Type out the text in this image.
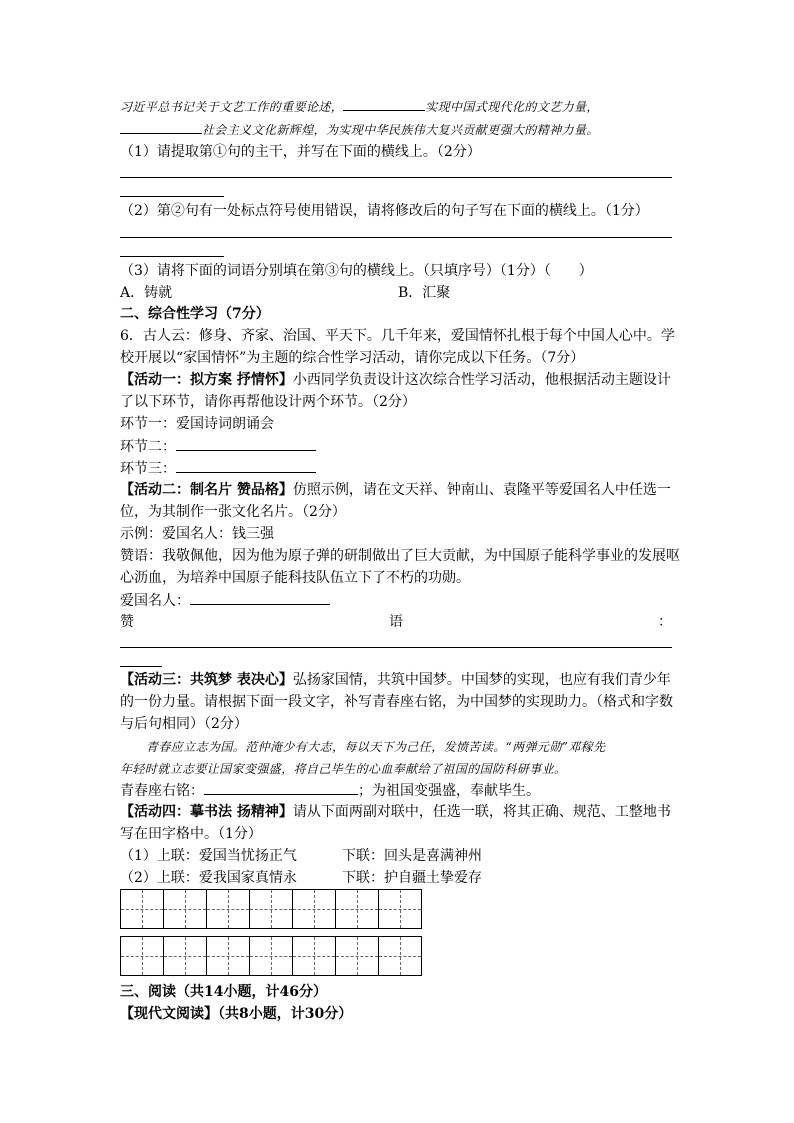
习近平总书记关于文艺工作的重要论述，	实现中国式现代化的文艺力量，
社会主义文化新辉煌，为实现中华民族伟大复兴贡献更强大的精神力量。
（1）请提取第①句的主干，并写在下面的横线上。（2分）
（2）第②句有一处标点符号使用错误，请将修改后的句子写在下面的横线上。（1分）
（3）请将下面的词语分别填在第③句的横线上。（只填序号）（1分）（　　）
A．铸就	B．汇聚
二、综合性学习（7分）
6．古人云：修身、齐家、治国、平天下。几千年来，爱国情怀扎根于每个中国人心中。学
校开展以“家国情怀”为主题的综合性学习活动，请你完成以下任务。（7分）
【活动一：拟方案 抒情怀】小西同学负责设计这次综合性学习活动，他根据活动主题设计
了以下环节，请你再帮他设计两个环节。（2分）
环节一：爱国诗词朗诵会
环节二：
环节三：
【活动二：制名片 赞品格】仿照示例，请在文天祥、钟南山、袁隆平等爱国名人中任选一
位，为其制作一张文化名片。（2分）
示例：爱国名人：钱三强
赞语：我敬佩他，因为他为原子弹的研制做出了巨大贡献，为中国原子能科学事业的发展呕
心沥血，为培养中国原子能科技队伍立下了不朽的功勋。
爱国名人：
赞	语	：
【活动三：共筑梦 表决心】弘扬家国情，共筑中国梦。中国梦的实现，也应有我们青少年
的一份力量。请根据下面一段文字，补写青春座右铭，为中国梦的实现助力。（格式和字数
与后句相同）（2分）
青春应立志为国。范仲淹少有大志，每以天下为己任，发愤苦读。“两弹元勋”邓稼先
年轻时就立志要让国家变强盛，将自己毕生的心血奉献给了祖国的国防科研事业。
青春座右铭：	；为祖国变强盛，奉献毕生。
【活动四：摹书法 扬精神】请从下面两副对联中，任选一联，将其正确、规范、工整地书
写在田字格中。（1分）
（1）上联：爱国当忧扬正气	下联：回头是喜满神州
（2）上联：爱我国家真情永	下联：护自疆土挚爱存
三、阅读（共14小题，计46分）
【现代文阅读】（共8小题，计30分）
